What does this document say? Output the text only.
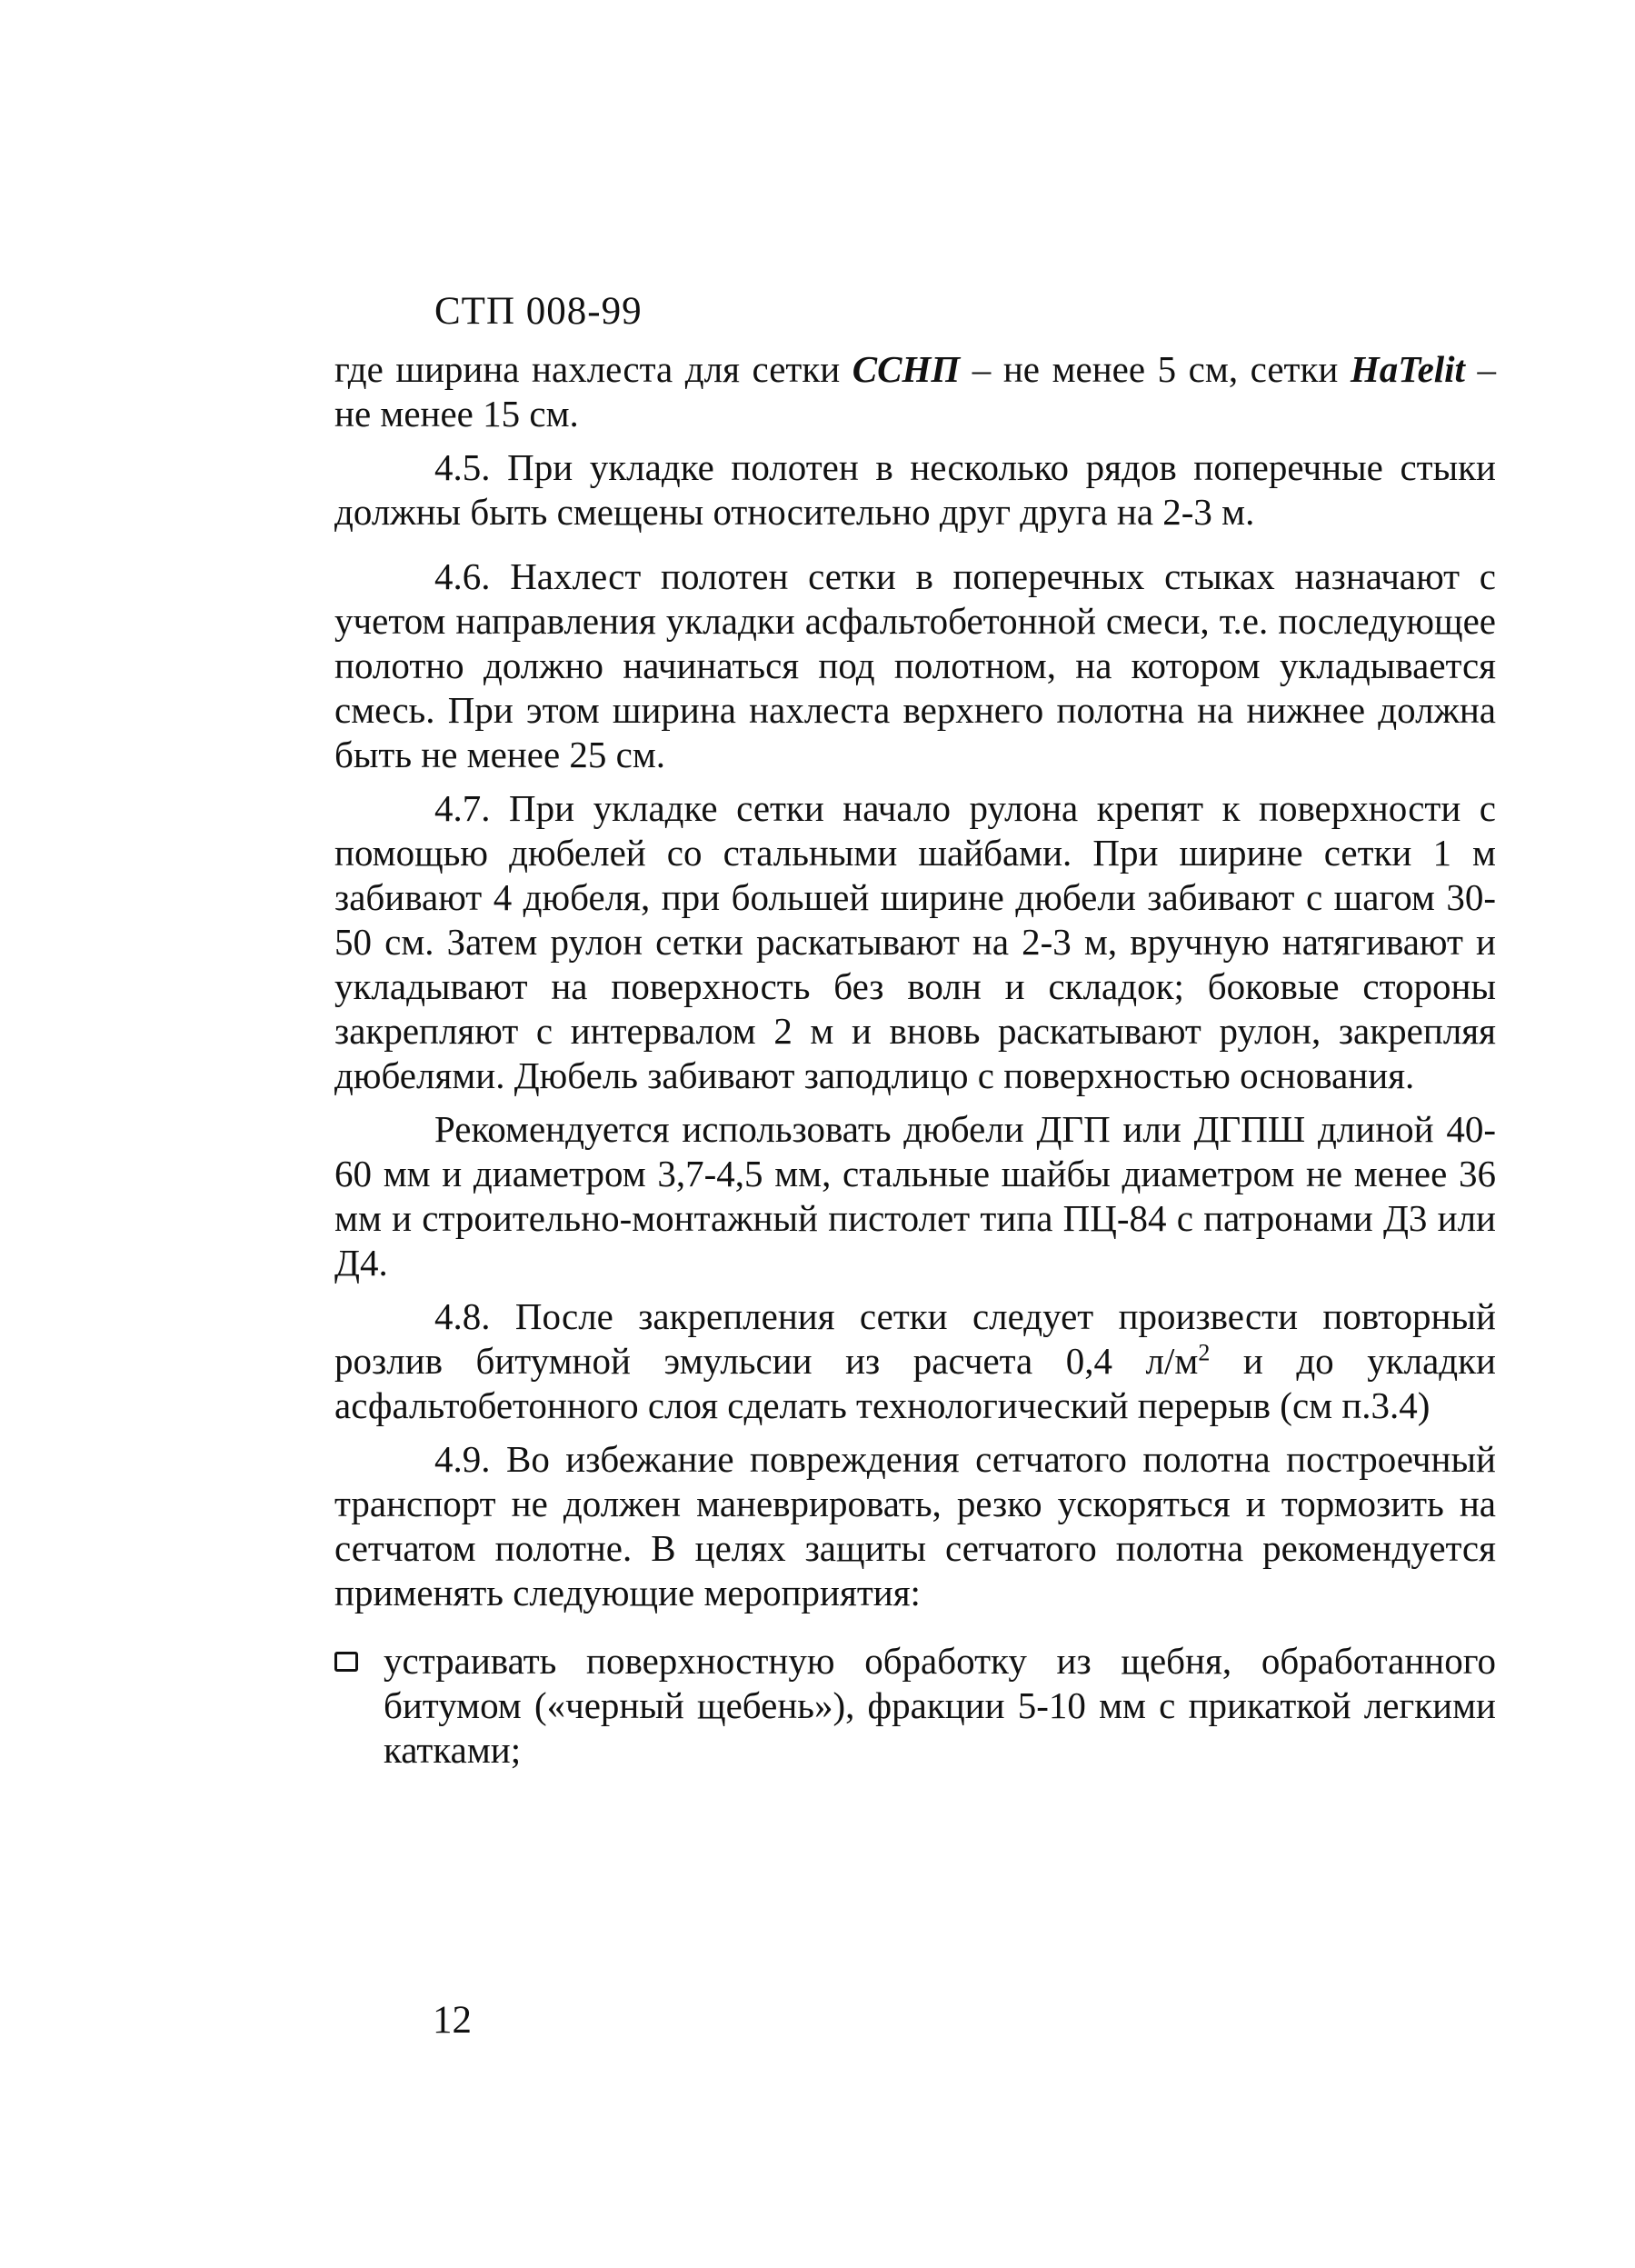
СТП 008-99

где ширина нахлеста для сетки ССНП – не менее 5 см, сетки HaTelit – не менее 15 см.

4.5. При укладке полотен в несколько рядов поперечные стыки должны быть смещены относительно друг друга на 2-3 м.

4.6. Нахлест полотен сетки в поперечных стыках назначают с учетом направления укладки асфальтобетонной смеси, т.е. последующее полотно должно начинаться под полотном, на котором укладывается смесь. При этом ширина нахлеста верхнего полотна на нижнее должна быть не менее 25 см.

4.7. При укладке сетки начало рулона крепят к поверхности с помощью дюбелей со стальными шайбами. При ширине сетки 1 м забивают 4 дюбеля, при большей ширине дюбели забивают с шагом 30-50 см. Затем рулон сетки раскатывают на 2-3 м, вручную натягивают и укладывают на поверхность без волн и складок; боковые стороны закрепляют с интервалом 2 м и вновь раскатывают рулон, закрепляя дюбелями. Дюбель забивают заподлицо с поверхностью основания.

Рекомендуется использовать дюбели ДГП или ДГПШ длиной 40-60 мм и диаметром 3,7-4,5 мм, стальные шайбы диаметром не менее 36 мм и строительно-монтажный пистолет типа ПЦ-84 с патронами Д3 или Д4.

4.8. После закрепления сетки следует произвести повторный розлив битумной эмульсии из расчета 0,4 $л/м^2$ и до укладки асфальтобетонного слоя сделать технологический перерыв (см п.3.4)

4.9. Во избежание повреждения сетчатого полотна построечный транспорт не должен маневрировать, резко ускоряться и тормозить на сетчатом полотне. В целях защиты сетчатого полотна рекомендуется применять следующие мероприятия:

устраивать поверхностную обработку из щебня, обработанного битумом («черный щебень»), фракции 5-10 мм с прикаткой легкими катками;

12
